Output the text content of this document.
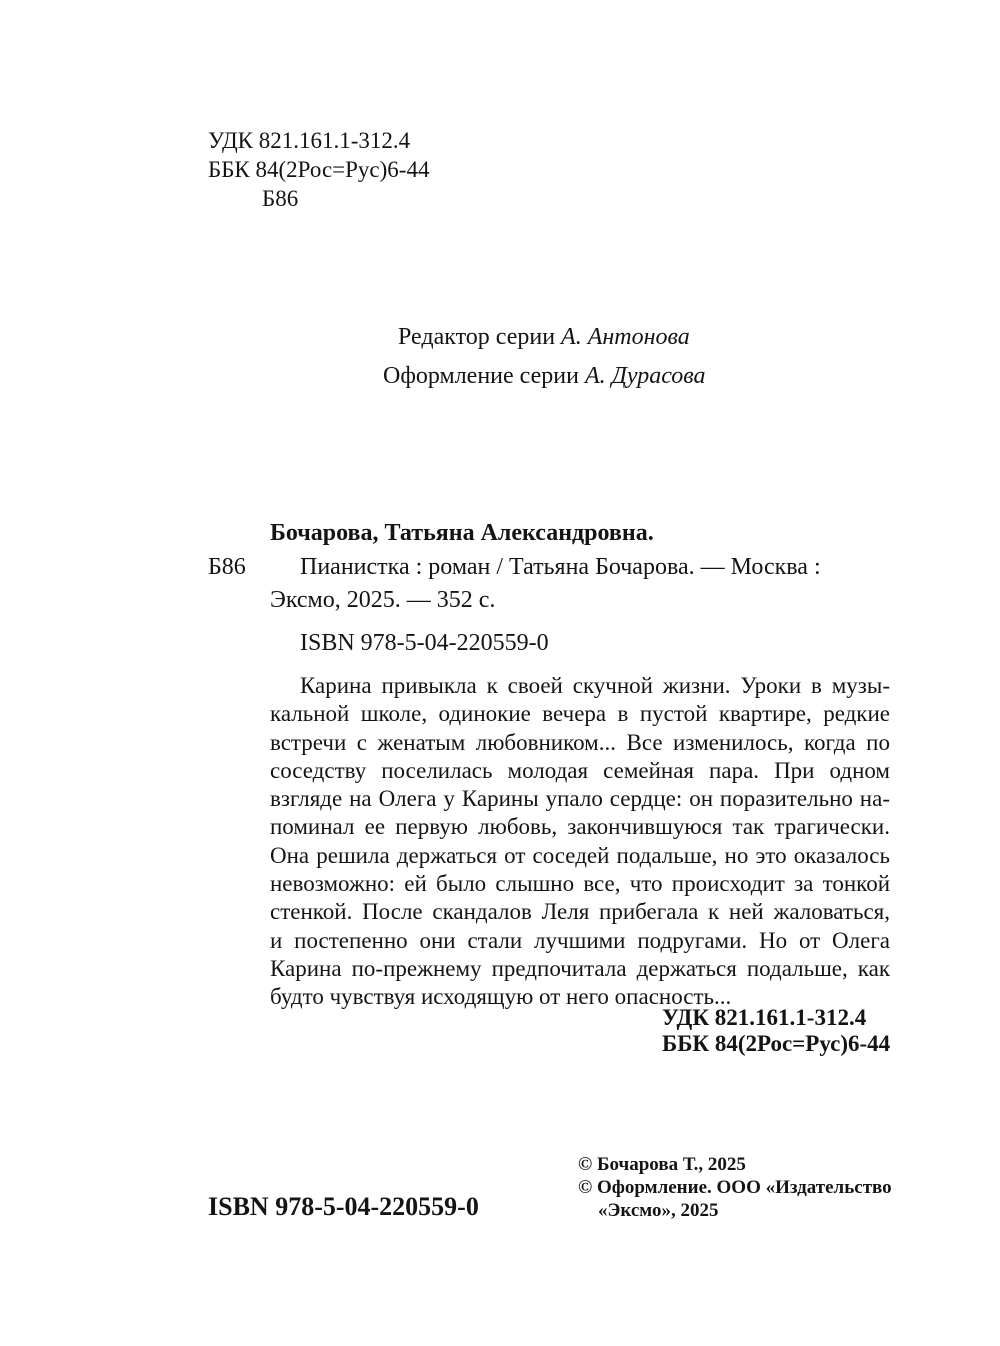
УДК 821.161.1-312.4
ББК 84(2Рос=Рус)6-44
Б86
Редактор серии А. Антонова
Оформление серии А. Дурасова
Бочарова, Татьяна Александровна.
Б86 Пианистка : роман / Татьяна Бочарова. — Москва :
Эксмо, 2025. — 352 с.
ISBN 978-5-04-220559-0
Карина привыкла к своей скучной жизни. Уроки в музы-
кальной школе, одинокие вечера в пустой квартире, редкие
встречи с женатым любовником... Все изменилось, когда по
соседству поселилась молодая семейная пара. При одном
взгляде на Олега у Карины упало сердце: он поразительно на-
поминал ее первую любовь, закончившуюся так трагически.
Она решила держаться от соседей подальше, но это оказалось
невозможно: ей было слышно все, что происходит за тонкой
стенкой. После скандалов Леля прибегала к ней жаловаться,
и постепенно они стали лучшими подругами. Но от Олега
Карина по-прежнему предпочитала держаться подальше, как
будто чувствуя исходящую от него опасность...
УДК 821.161.1-312.4
ББК 84(2Рос=Рус)6-44
ISBN 978-5-04-220559-0
© Бочарова Т., 2025
© Оформление. ООО «Издательство
«Эксмо», 2025
